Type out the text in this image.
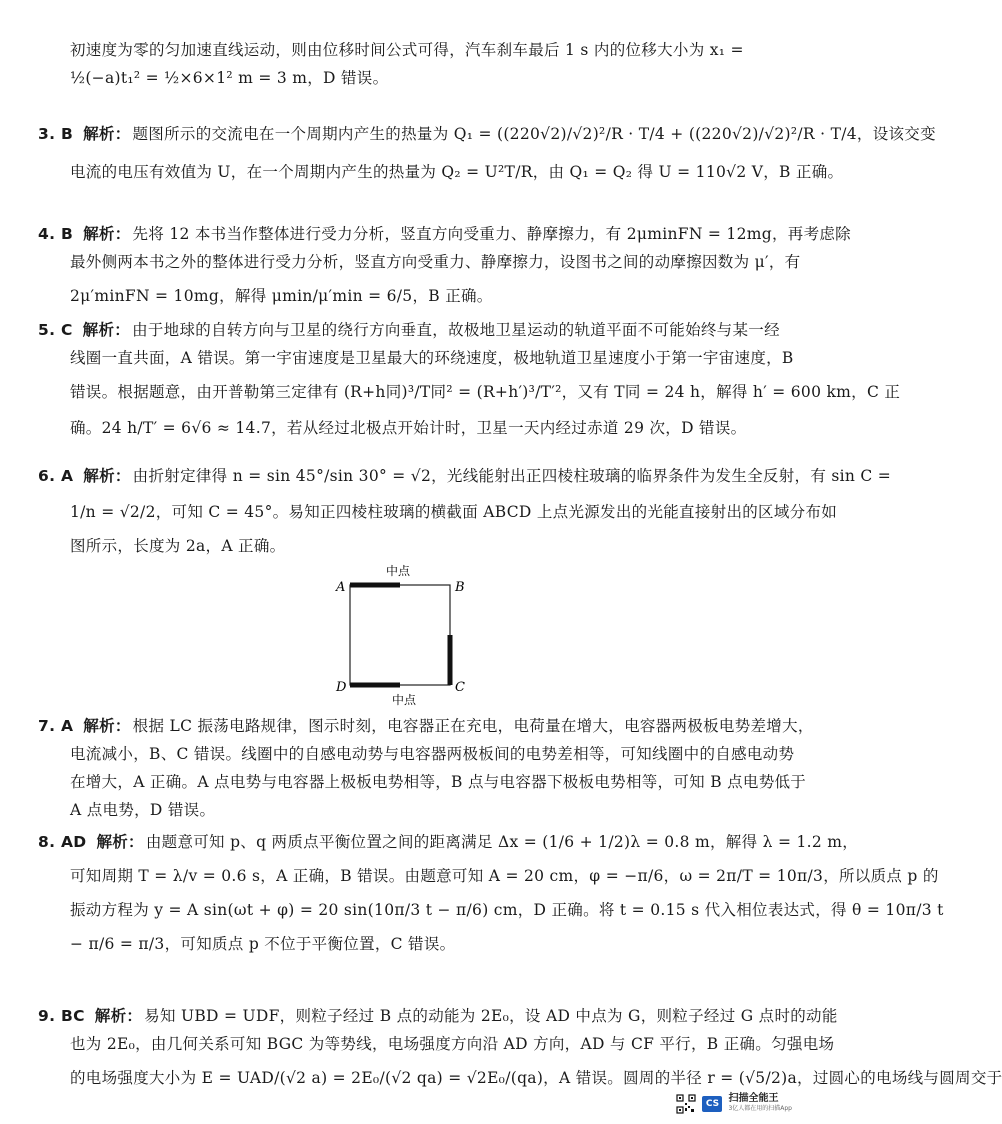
初速度为零的匀加速直线运动，则由位移时间公式可得，汽车刹车最后 1 s 内的位移大小为 x₁ =
½(−a)t₁² = ½×6×1² m = 3 m，D 错误。
3. B 解析： 题图所示的交流电在一个周期内产生的热量为 Q₁ = ((220√2)/√2)²/R · T/4 + ((220√2)/√2)²/R · T/4，设该交变
电流的电压有效值为 U，在一个周期内产生的热量为 Q₂ = U²T/R，由 Q₁ = Q₂ 得 U = 110√2 V，B 正确。
4. B 解析： 先将 12 本书当作整体进行受力分析，竖直方向受重力、静摩擦力，有 2μminFN = 12mg，再考虑除
最外侧两本书之外的整体进行受力分析，竖直方向受重力、静摩擦力，设图书之间的动摩擦因数为 μ′，有
2μ′minFN = 10mg，解得 μmin/μ′min = 6/5，B 正确。
5. C 解析： 由于地球的自转方向与卫星的绕行方向垂直，故极地卫星运动的轨道平面不可能始终与某一经
线圈一直共面，A 错误。第一宇宙速度是卫星最大的环绕速度，极地轨道卫星速度小于第一宇宙速度，B
错误。根据题意，由开普勒第三定律有 (R+h同)³/T同² = (R+h′)³/T′²，又有 T同 = 24 h，解得 h′ = 600 km，C 正
确。24 h/T′ = 6√6 ≈ 14.7，若从经过北极点开始计时，卫星一天内经过赤道 29 次，D 错误。
6. A 解析： 由折射定律得 n = sin 45°/sin 30° = √2，光线能射出正四棱柱玻璃的临界条件为发生全反射，有 sin C =
1/n = √2/2，可知 C = 45°。易知正四棱柱玻璃的横截面 ABCD 上点光源发出的光能直接射出的区域分布如
图所示，长度为 2a，A 正确。
A	B
C
D
中点
中点
7. A 解析： 根据 LC 振荡电路规律，图示时刻，电容器正在充电，电荷量在增大，电容器两极板电势差增大，
电流减小，B、C 错误。线圈中的自感电动势与电容器两极板间的电势差相等，可知线圈中的自感电动势
在增大，A 正确。A 点电势与电容器上极板电势相等，B 点与电容器下极板电势相等，可知 B 点电势低于
A 点电势，D 错误。
8. AD 解析： 由题意可知 p、q 两质点平衡位置之间的距离满足 Δx = (1/6 + 1/2)λ = 0.8 m，解得 λ = 1.2 m，
可知周期 T = λ/v = 0.6 s，A 正确，B 错误。由题意可知 A = 20 cm，φ = −π/6，ω = 2π/T = 10π/3，所以质点 p 的
振动方程为 y = A sin(ωt + φ) = 20 sin(10π/3 t − π/6) cm，D 正确。将 t = 0.15 s 代入相位表达式，得 θ = 10π/3 t
− π/6 = π/3，可知质点 p 不位于平衡位置，C 错误。
9. BC 解析： 易知 UBD = UDF，则粒子经过 B 点的动能为 2E₀，设 AD 中点为 G，则粒子经过 G 点时的动能
也为 2E₀，由几何关系可知 BGC 为等势线，电场强度方向沿 AD 方向，AD 与 CF 平行，B 正确。匀强电场
的电场强度大小为 E = UAD/(√2 a) = 2E₀/(√2 qa) = √2E₀/(qa)，A 错误。圆周的半径 r = (√5/2)a，过圆心的电场线与圆周交于
CS 扫描全能王
3亿人都在用的扫描App
